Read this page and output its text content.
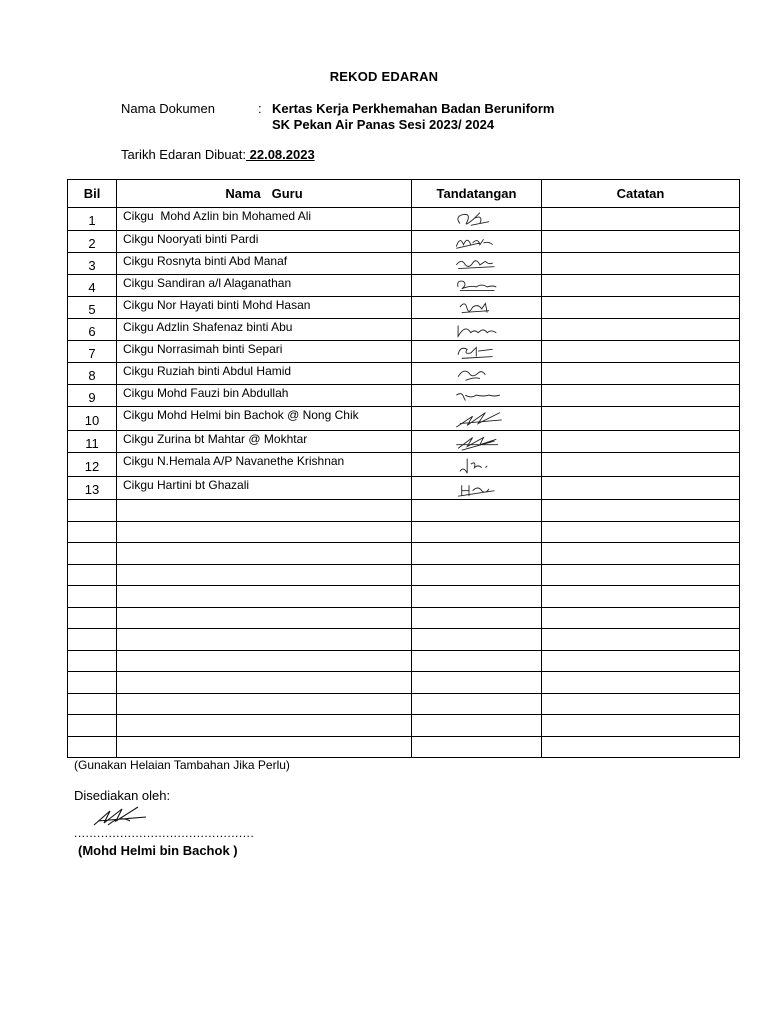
REKOD EDARAN
Nama Dokumen	: Kertas Kerja Perkhemahan Badan Beruniform
SK Pekan Air Panas Sesi 2023/ 2024
Tarikh Edaran Dibuat: 22.08.2023
Bil	Nama   Guru	Tandatangan	Catatan
1	Cikgu  Mohd Azlin bin Mohamed Ali	

2	Cikgu Nooryati binti Pardi	

3	Cikgu Rosnyta binti Abd Manaf	

4	Cikgu Sandiran a/l Alaganathan	

5	Cikgu Nor Hayati binti Mohd Hasan	

6	Cikgu Adzlin Shafenaz binti Abu	

7	Cikgu Norrasimah binti Separi	

8	Cikgu Ruziah binti Abdul Hamid	

9	Cikgu Mohd Fauzi bin Abdullah	

10	Cikgu Mohd Helmi bin Bachok @ Nong Chik	

11	Cikgu Zurina bt Mahtar @ Mokhtar	

12	Cikgu N.Hemala A/P Navanethe Krishnan	

13	Cikgu Hartini bt Ghazali	

(Gunakan Helaian Tambahan Jika Perlu)
Disediakan oleh:
...............................................
(Mohd Helmi bin Bachok )
